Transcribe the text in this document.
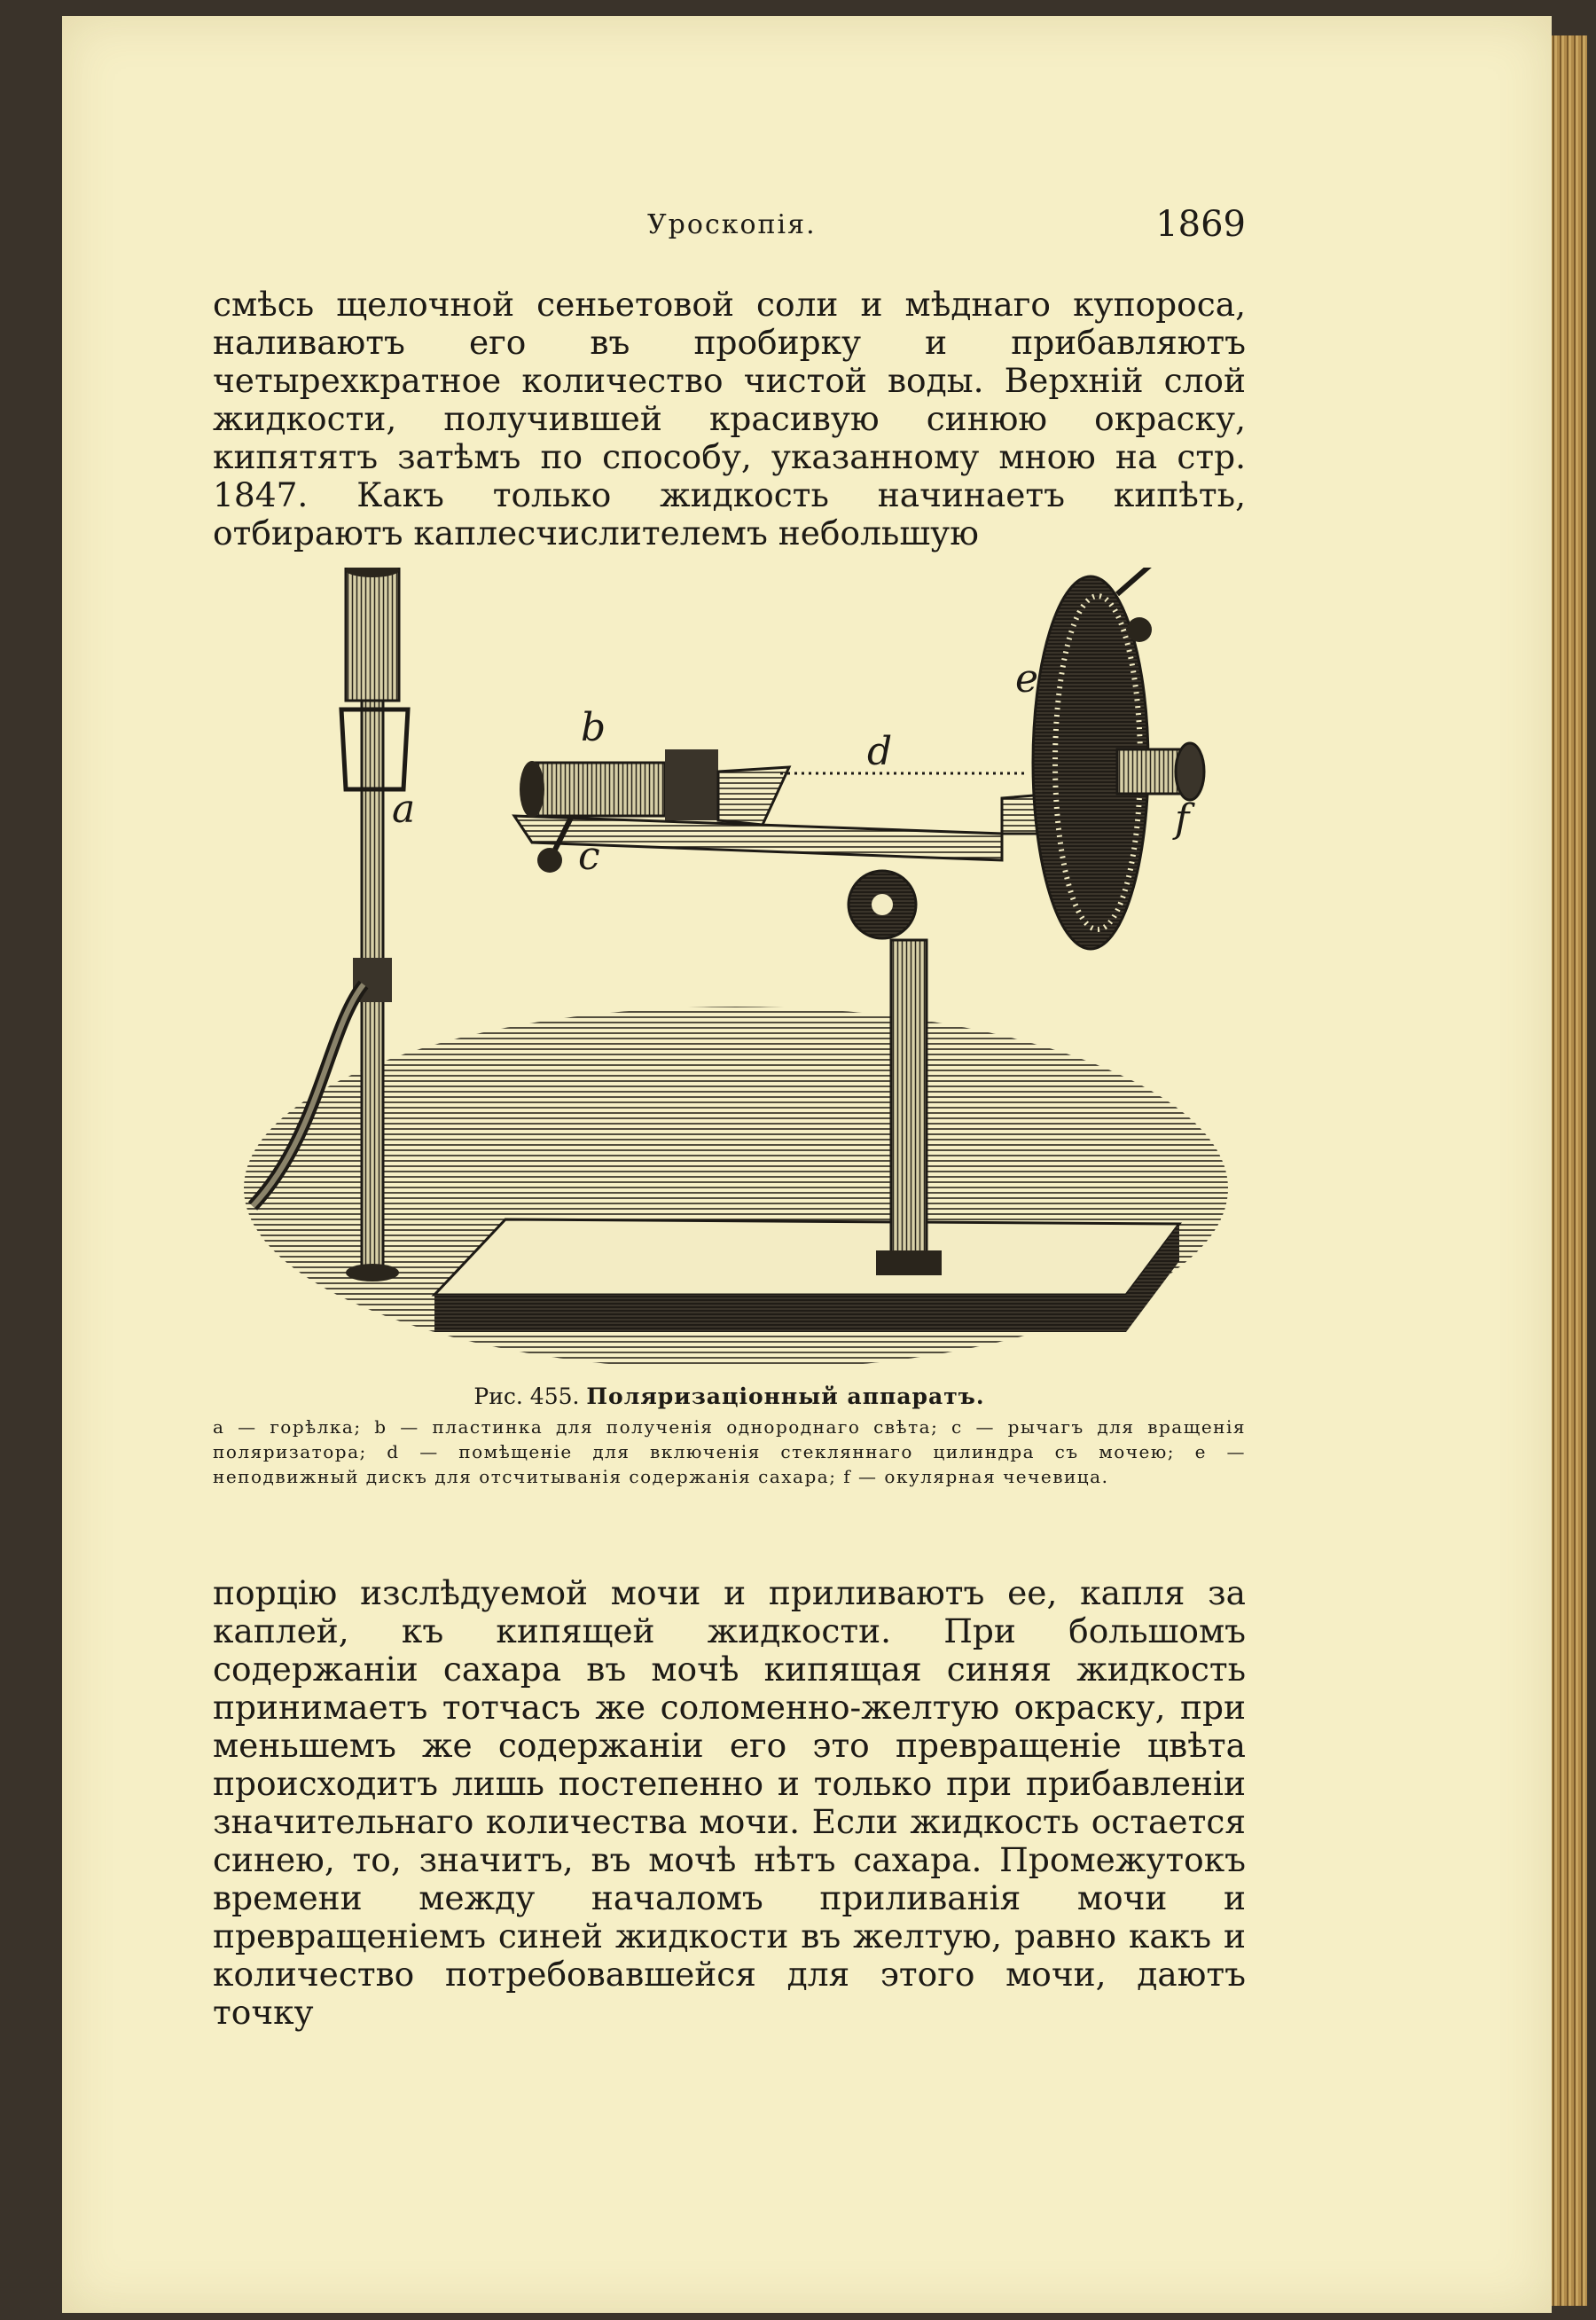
Уроскопія.	1869

смѣсь щелочной сеньетовой соли и мѣднаго купороса, наливаютъ его въ пробирку и прибавляютъ четырехкратное количество чистой воды. Верхній слой жидкости, получившей красивую синюю окраску, кипятятъ затѣмъ по способу, указанному мною на стр. 1847. Какъ только жидкость начинаетъ кипѣть, отбираютъ каплесчислителемъ небольшую

a
b
c
d
e
f

Рис. 455. Поляризаціонный аппаратъ.

a — горѣлка; b — пластинка для полученія однороднаго свѣта; c — рычагъ для вращенія поляризатора; d — помѣщеніе для включенія стекляннаго цилиндра съ мочею; e — неподвижный дискъ для отсчитыванія содержанія сахара; f — окулярная чечевица.

порцію изслѣдуемой мочи и приливаютъ ее, капля за каплей, къ кипящей жидкости. При большомъ содержаніи сахара въ мочѣ кипящая синяя жидкость принимаетъ тотчасъ же соломенно-желтую окраску, при меньшемъ же содержаніи его это превращеніе цвѣта происходитъ лишь постепенно и только при прибавленіи значительнаго количества мочи. Если жидкость остается синею, то, значитъ, въ мочѣ нѣтъ сахара. Промежутокъ времени между началомъ приливанія мочи и превращеніемъ синей жидкости въ желтую, равно какъ и количество потребовавшейся для этого мочи, даютъ точку
